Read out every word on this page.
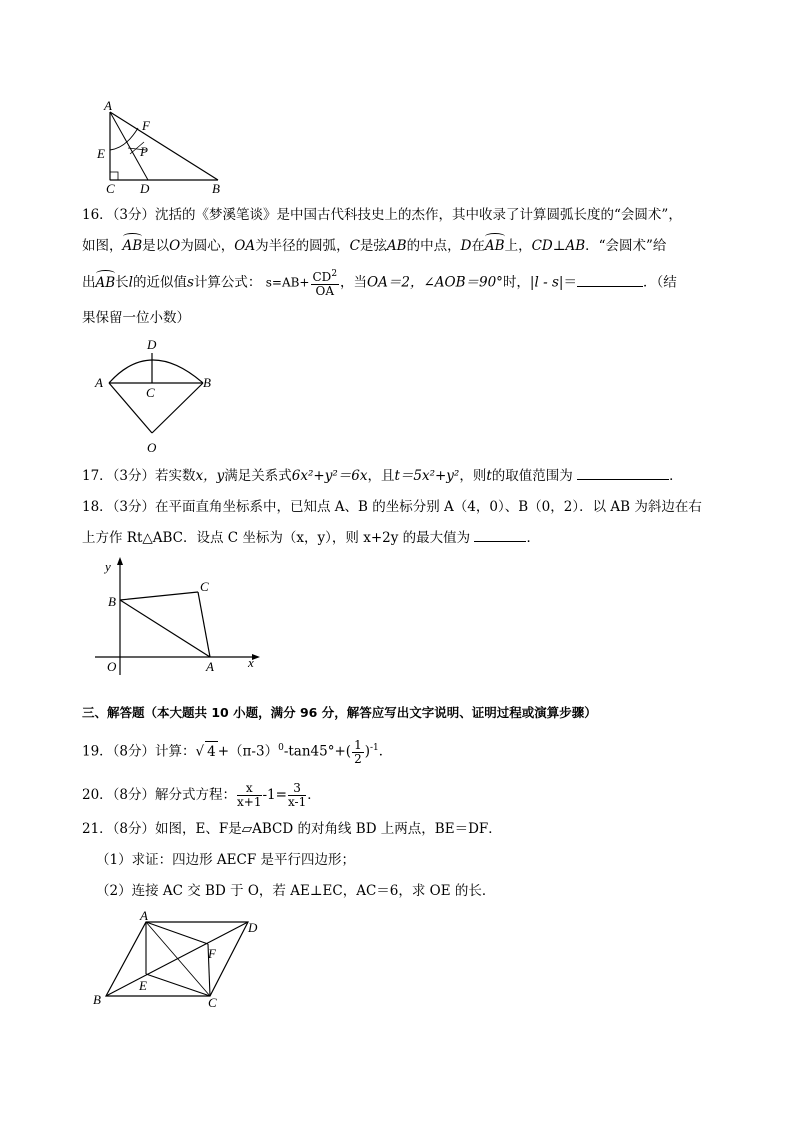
A
F
E	P
C D	B
16．（3分）沈括的《梦溪笔谈》是中国古代科技史上的杰作，其中收录了计算圆弧长度的“会圆术”，
如图，AB是以O为圆心，OA为半径的圆弧，C是弦AB的中点，D在AB上，CD⊥AB．“会圆术”给
出AB长l的近似值s计算公式： $s=AB+ \frac{CD^2}{OA}$ ，当OA＝2，∠AOB＝90°时，|l - s|＝	．（结
果保留一位小数）
D
A
C
B
O
17．（3分）若实数x，y满足关系式6x²+y²＝6x，且t＝5x²+y²，则t的取值范围为	．
18．（3分）在平面直角坐标系中，已知点 A、B 的坐标分别 A（4，0）、B（0，2）．以 AB 为斜边在右
上方作 Rt△ABC．设点 C 坐标为（x，y），则 x+2y 的最大值为	．
y
B
C
O	A	x
三、解答题（本大题共 10 小题，满分 96 分，解答应写出文字说明、证明过程或演算步骤）
19．（8分）计算：√ $4 +(\pi-3)^0-\tan 45^\circ+( \frac{1}{2} )^{-1}$．
20．（8分）解分式方程： $\frac{x}{x+1} -1= \frac{3}{x-1}$ ．
21．（8分）如图，E、F是▱ABCD 的对角线 BD 上两点，BE＝DF．
（1）求证：四边形 AECF 是平行四边形；
（2）连接 AC 交 BD 于 O，若 AE⊥EC，AC＝6，求 OE 的长．
A
D
F
E
B	C
